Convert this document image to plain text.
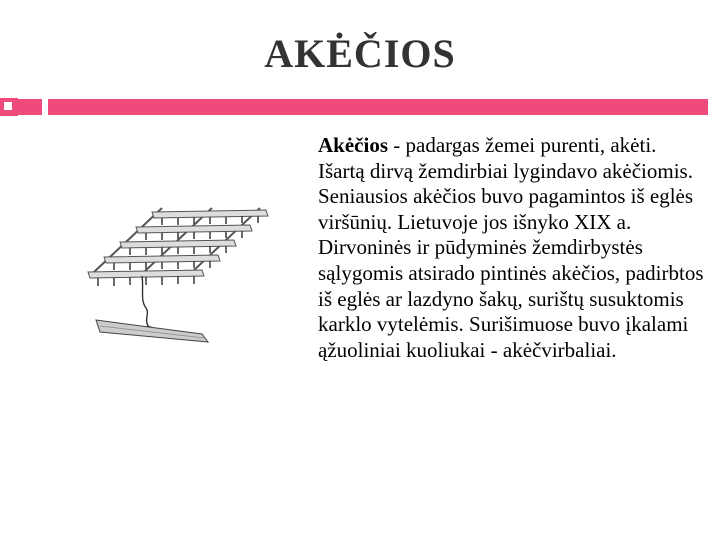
AKĖČIOS
Akėčios - padargas žemei purenti, akėti. Išartą dirvą žemdirbiai lygindavo akėčiomis. Seniausios akėčios buvo pagamintos iš eglės viršūnių. Lietuvoje jos išnyko XIX a. Dirvoninės ir pūdyminės žemdirbystės sąlygomis atsirado pintinės akėčios, padirbtos iš eglės ar lazdyno šakų, surištų susuktomis karklo vytelėmis. Surišimuose buvo įkalami ąžuoliniai kuoliukai - akėčvirbaliai.
